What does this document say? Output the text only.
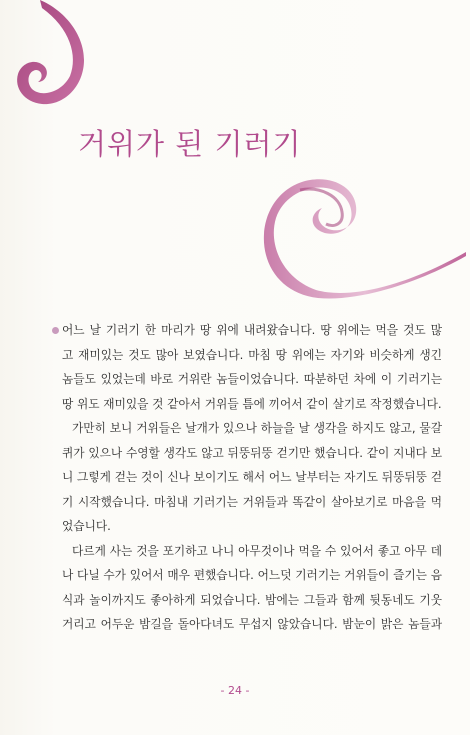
거위가 된 기러기
어느 날 기러기 한 마리가 땅 위에 내려왔습니다. 땅 위에는 먹을 것도 많
고 재미있는 것도 많아 보였습니다. 마침 땅 위에는 자기와 비슷하게 생긴
놈들도 있었는데 바로 거위란 놈들이었습니다. 따분하던 차에 이 기러기는
땅 위도 재미있을 것 같아서 거위들 틈에 끼어서 같이 살기로 작정했습니다.
가만히 보니 거위들은 날개가 있으나 하늘을 날 생각을 하지도 않고, 물갈
퀴가 있으나 수영할 생각도 않고 뒤뚱뒤뚱 걷기만 했습니다. 같이 지내다 보
니 그렇게 걷는 것이 신나 보이기도 해서 어느 날부터는 자기도 뒤뚱뒤뚱 걷
기 시작했습니다. 마침내 기러기는 거위들과 똑같이 살아보기로 마음을 먹
었습니다.
다르게 사는 것을 포기하고 나니 아무것이나 먹을 수 있어서 좋고 아무 데
나 다닐 수가 있어서 매우 편했습니다. 어느덧 기러기는 거위들이 즐기는 음
식과 놀이까지도 좋아하게 되었습니다. 밤에는 그들과 함께 뒷동네도 기웃
거리고 어두운 밤길을 돌아다녀도 무섭지 않았습니다. 밤눈이 밝은 놈들과
- 24 -
